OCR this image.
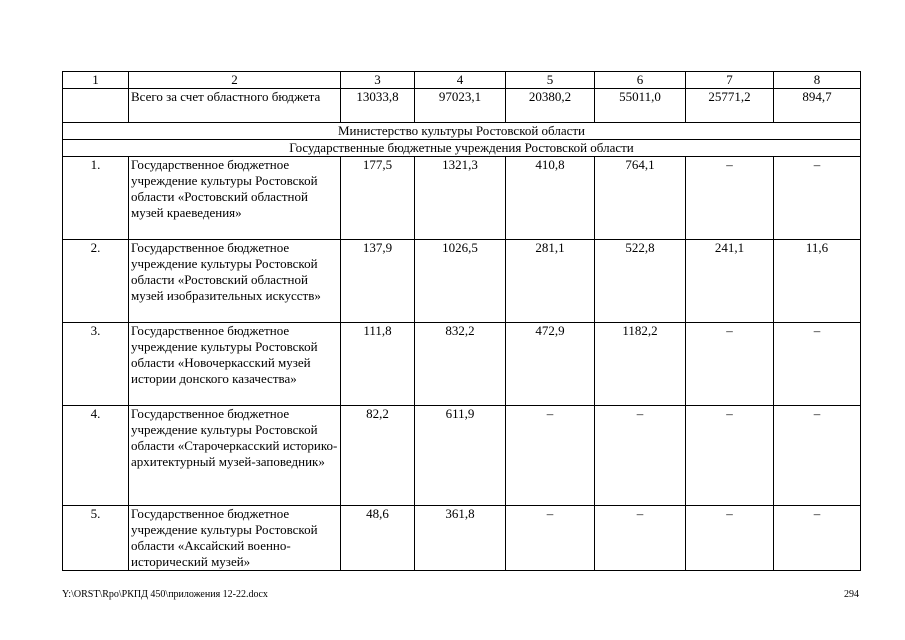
1	2	3	4	5	6	7	8
	Всего за счет областного бюджета	13033,8	97023,1	20380,2	55011,0	25771,2	894,7
Министерство культуры Ростовской области							
Государственные бюджетные учреждения Ростовской области							
1.	Государственное бюджетное учреждение культуры Ростовской области «Ростовский областной музей краеведения»	177,5	1321,3	410,8	764,1	–	–
2.	Государственное бюджетное учреждение культуры Ростовской области «Ростовский областной музей изобразительных искусств»	137,9	1026,5	281,1	522,8	241,1	11,6
3.	Государственное бюджетное учреждение культуры Ростовской области «Новочеркасский музей истории донского казачества»	111,8	832,2	472,9	1182,2	–	–
4.	Государственное бюджетное учреждение культуры Ростовской области «Старочеркасский историко-архитектурный музей-заповедник»	82,2	611,9	–	–	–	–
5.	Государственное бюджетное учреждение культуры Ростовской области «Аксайский военно-исторический музей»	48,6	361,8	–	–	–	–
Y:\ORST\Rpo\РКПД 450\приложения 12-22.docx	294
